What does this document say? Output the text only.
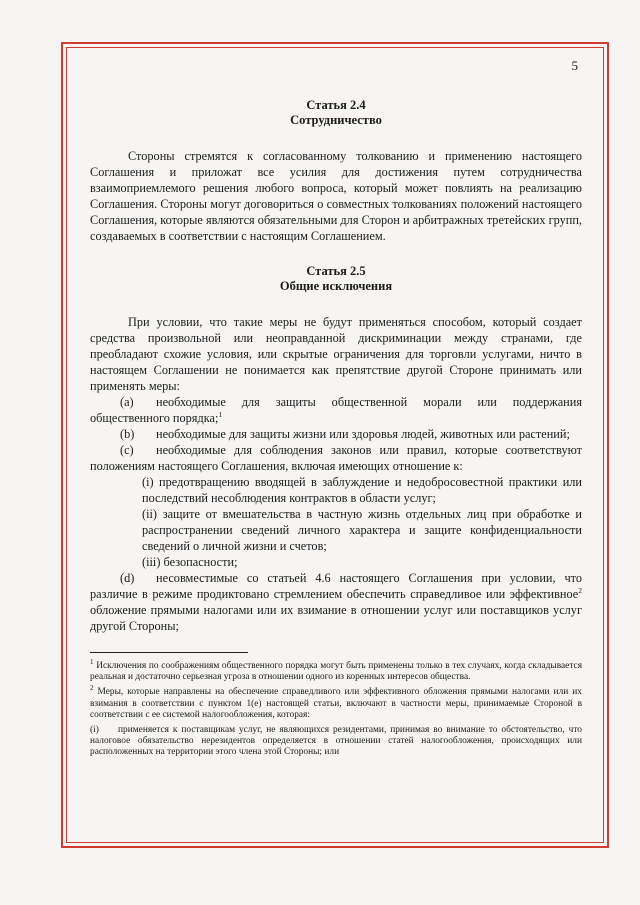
5
Статья 2.4
Сотрудничество

Стороны стремятся к согласованному толкованию и применению настоящего Соглашения и приложат все усилия для достижения путем сотрудничества взаимоприемлемого решения любого вопроса, который может повлиять на реализацию Соглашения. Стороны могут договориться о совместных толкованиях положений настоящего Соглашения, которые являются обязательными для Сторон и арбитражных третейских групп, создаваемых в соответствии с настоящим Соглашением.

Статья 2.5
Общие исключения

При условии, что такие меры не будут применяться способом, который создает средства произвольной или неоправданной дискриминации между странами, где преобладают схожие условия, или скрытые ограничения для торговли услугами, ничто в настоящем Соглашении не понимается как препятствие другой Стороне принимать или применять меры:

(a) необходимые для защиты общественной морали или поддержания общественного порядка;$^1$

(b) необходимые для защиты жизни или здоровья людей, животных или растений;

(c) необходимые для соблюдения законов или правил, которые соответствуют положениям настоящего Соглашения, включая имеющих отношение к:

(i) предотвращению вводящей в заблуждение и недобросовестной практики или последствий несоблюдения контрактов в области услуг;

(ii) защите от вмешательства в частную жизнь отдельных лиц при обработке и распространении сведений личного характера и защите конфиденциальности сведений о личной жизни и счетов;

(iii) безопасности;

(d) несовместимые со статьей 4.6 настоящего Соглашения при условии, что различие в режиме продиктовано стремлением обеспечить справедливое или эффективное$^2$ обложение прямыми налогами или их взимание в отношении услуг или поставщиков услуг другой Стороны;

$^1$ Исключения по соображениям общественного порядка могут быть применены только в тех случаях, когда складывается реальная и достаточно серьезная угроза в отношении одного из коренных интересов общества.

$^2$ Меры, которые направлены на обеспечение справедливого или эффективного обложения прямыми налогами или их взимания в соответствии с пунктом 1(е) настоящей статьи, включают в частности меры, принимаемые Стороной в соответствии с ее системой налогообложения, которая:

(i) применяется к поставщикам услуг, не являющихся резидентами, принимая во внимание то обстоятельство, что налоговое обязательство нерезидентов определяется в отношении статей налогообложения, происходящих или расположенных на территории этого члена этой Стороны; или
